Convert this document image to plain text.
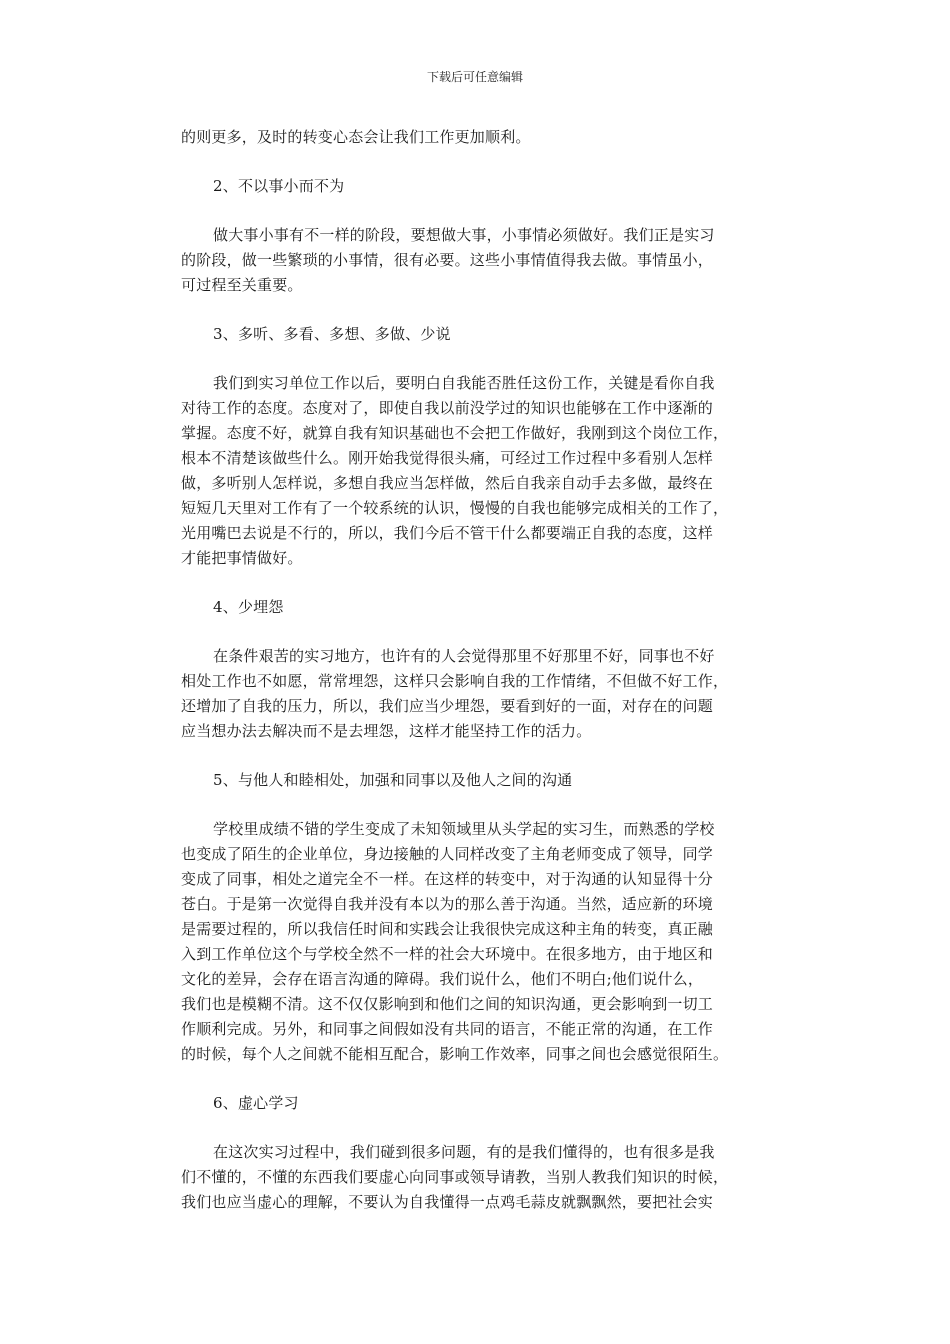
下载后可任意编辑

的则更多，及时的转变心态会让我们工作更加顺利。

2、不以事小而不为

做大事小事有不一样的阶段，要想做大事，小事情必须做好。我们正是实习

的阶段，做一些繁琐的小事情，很有必要。这些小事情值得我去做。事情虽小，

可过程至关重要。

3、多听、多看、多想、多做、少说

我们到实习单位工作以后，要明白自我能否胜任这份工作，关键是看你自我

对待工作的态度。态度对了，即使自我以前没学过的知识也能够在工作中逐渐的

掌握。态度不好，就算自我有知识基础也不会把工作做好，我刚到这个岗位工作，

根本不清楚该做些什么。刚开始我觉得很头痛，可经过工作过程中多看别人怎样

做，多听别人怎样说，多想自我应当怎样做，然后自我亲自动手去多做，最终在

短短几天里对工作有了一个较系统的认识，慢慢的自我也能够完成相关的工作了，

光用嘴巴去说是不行的，所以，我们今后不管干什么都要端正自我的态度，这样

才能把事情做好。

4、少埋怨

在条件艰苦的实习地方，也许有的人会觉得那里不好那里不好，同事也不好

相处工作也不如愿，常常埋怨，这样只会影响自我的工作情绪，不但做不好工作，

还增加了自我的压力，所以，我们应当少埋怨，要看到好的一面，对存在的问题

应当想办法去解决而不是去埋怨，这样才能坚持工作的活力。

5、与他人和睦相处，加强和同事以及他人之间的沟通

学校里成绩不错的学生变成了未知领域里从头学起的实习生，而熟悉的学校

也变成了陌生的企业单位，身边接触的人同样改变了主角老师变成了领导，同学

变成了同事，相处之道完全不一样。在这样的转变中，对于沟通的认知显得十分

苍白。于是第一次觉得自我并没有本以为的那么善于沟通。当然，适应新的环境

是需要过程的，所以我信任时间和实践会让我很快完成这种主角的转变，真正融

入到工作单位这个与学校全然不一样的社会大环境中。在很多地方，由于地区和

文化的差异，会存在语言沟通的障碍。我们说什么，他们不明白;他们说什么，

我们也是模糊不清。这不仅仅影响到和他们之间的知识沟通，更会影响到一切工

作顺利完成。另外，和同事之间假如没有共同的语言，不能正常的沟通，在工作

的时候，每个人之间就不能相互配合，影响工作效率，同事之间也会感觉很陌生。

6、虚心学习

在这次实习过程中，我们碰到很多问题，有的是我们懂得的，也有很多是我

们不懂的，不懂的东西我们要虚心向同事或领导请教，当别人教我们知识的时候，

我们也应当虚心的理解，不要认为自我懂得一点鸡毛蒜皮就飘飘然，要把社会实
